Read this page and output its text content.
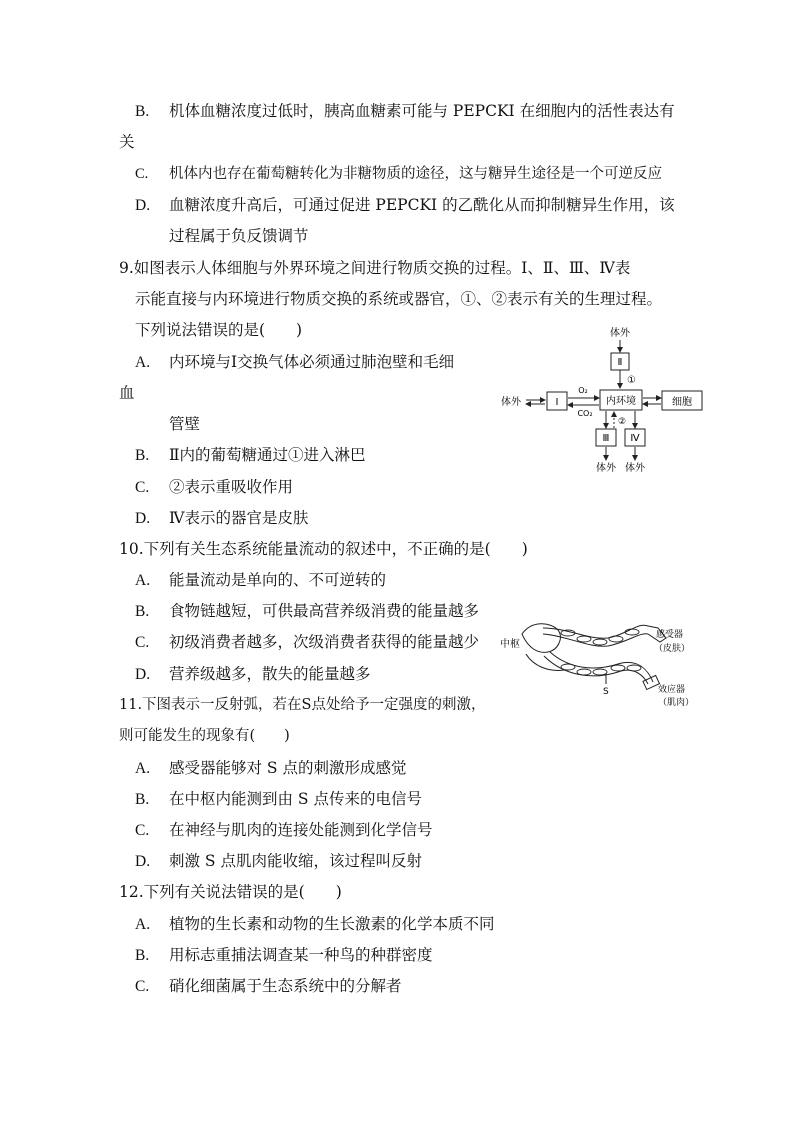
B. 机体血糖浓度过低时，胰高血糖素可能与 PEPCKI 在细胞内的活性表达有
关
C. 机体内也存在葡萄糖转化为非糖物质的途径，这与糖异生途径是一个可逆反应
D. 血糖浓度升高后，可通过促进 PEPCKI 的乙酰化从而抑制糖异生作用，该
过程属于负反馈调节
9.如图表示人体细胞与外界环境之间进行物质交换的过程。Ⅰ、Ⅱ、Ⅲ、Ⅳ表
示能直接与内环境进行物质交换的系统或器官，①、②表示有关的生理过程。
下列说法错误的是(　　)
A. 内环境与Ⅰ交换气体必须通过肺泡壁和毛细
血
管壁
B. Ⅱ内的葡萄糖通过①进入淋巴
C. ②表示重吸收作用
D. Ⅳ表示的器官是皮肤
体外
Ⅱ
①
体外	Ⅰ
O₂
CO₂
内环境	细胞
②
Ⅲ Ⅳ
体外 体外
10.下列有关生态系统能量流动的叙述中，不正确的是(　　)
A. 能量流动是单向的、不可逆转的
B. 食物链越短，可供最高营养级消费的能量越多
C. 初级消费者越多，次级消费者获得的能量越少
D. 营养级越多，散失的能量越多
中枢
感受器
（皮肤）
S	效应器
（肌肉）
11.下图表示一反射弧，若在S点处给予一定强度的刺激，
则可能发生的现象有(　　)
A. 感受器能够对 S 点的刺激形成感觉
B. 在中枢内能测到由 S 点传来的电信号
C. 在神经与肌肉的连接处能测到化学信号
D. 刺激 S 点肌肉能收缩，该过程叫反射
12.下列有关说法错误的是(　　)
A. 植物的生长素和动物的生长激素的化学本质不同
B. 用标志重捕法调查某一种鸟的种群密度
C. 硝化细菌属于生态系统中的分解者
